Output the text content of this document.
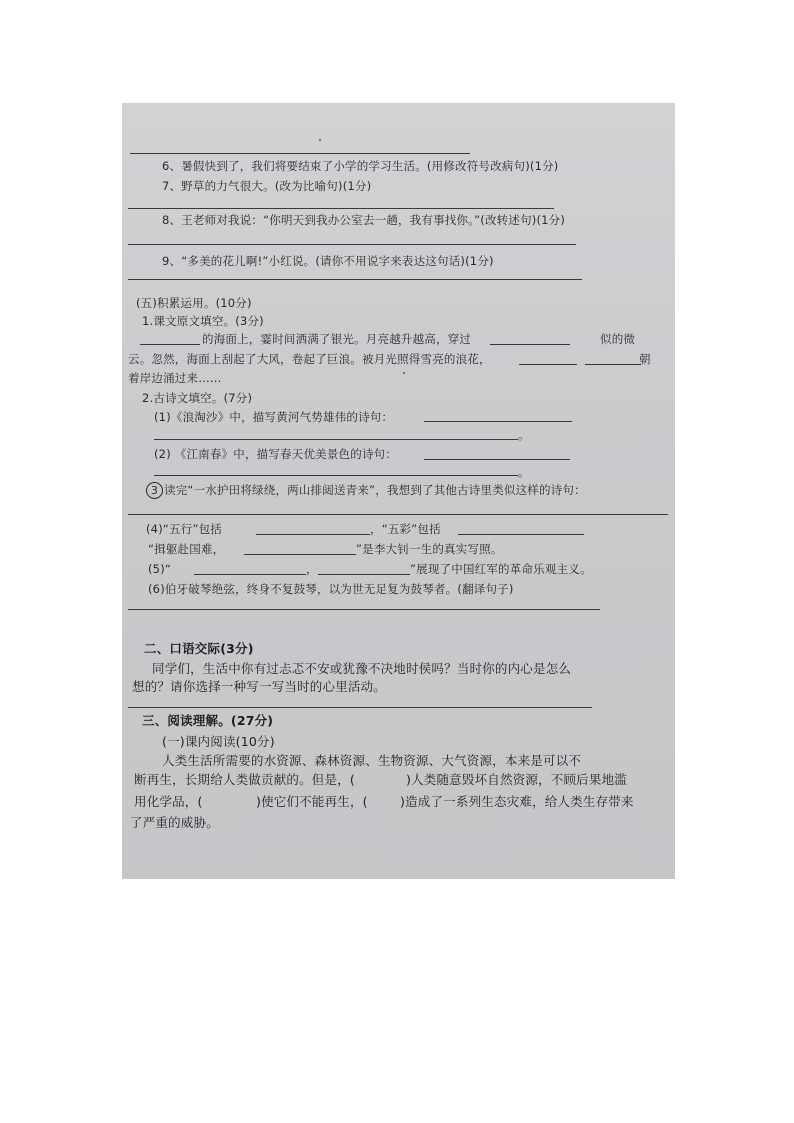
6、暑假快到了，我们将要结束了小学的学习生活。(用修改符号改病句)(1分)
7、野草的力气很大。(改为比喻句)(1分)
8、王老师对我说：“你明天到我办公室去一趟，我有事找你。”(改转述句)(1分)
9、“多美的花儿啊!”小红说。(请你不用说字来表达这句话)(1分)
(五)积累运用。(10分)
1.课文原文填空。(3分)
的海面上，霎时间洒满了银光。月亮越升越高，穿过	似的微
云。忽然，海面上刮起了大风，卷起了巨浪。被月光照得雪亮的浪花，	朝
着岸边涌过来……
2.古诗文填空。(7分)
(1)《浪淘沙》中，描写黄河气势雄伟的诗句：
。
(2) 《江南春》中，描写春天优美景色的诗句：
。
3 读完“一水护田将绿绕，两山排闼送青来”，我想到了其他古诗里类似这样的诗句：
(4)“五行”包括	，“五彩”包括
“揖躯赴国难，	”是李大钊一生的真实写照。
(5)“	，	”展现了中国红军的革命乐观主义。
(6)伯牙破琴绝弦，终身不复鼓琴，以为世无足复为鼓琴者。(翻译句子)
二、口语交际(3分)
同学们，生活中你有过忐忑不安或犹豫不决地时侯吗？当时你的内心是怎么
想的？请你选择一种写一写当时的心里活动。
三、阅读理解。(27分)
(一)课内阅读(10分)
人类生活所需要的水资源、森林资源、生物资源、大气资源，本来是可以不
断再生，长期给人类做贡献的。但是，(	)人类随意毁坏自然资源，不顾后果地滥
用化学品，(	)使它们不能再生，(	)造成了一系列生态灾难，给人类生存带来
了严重的威胁。
